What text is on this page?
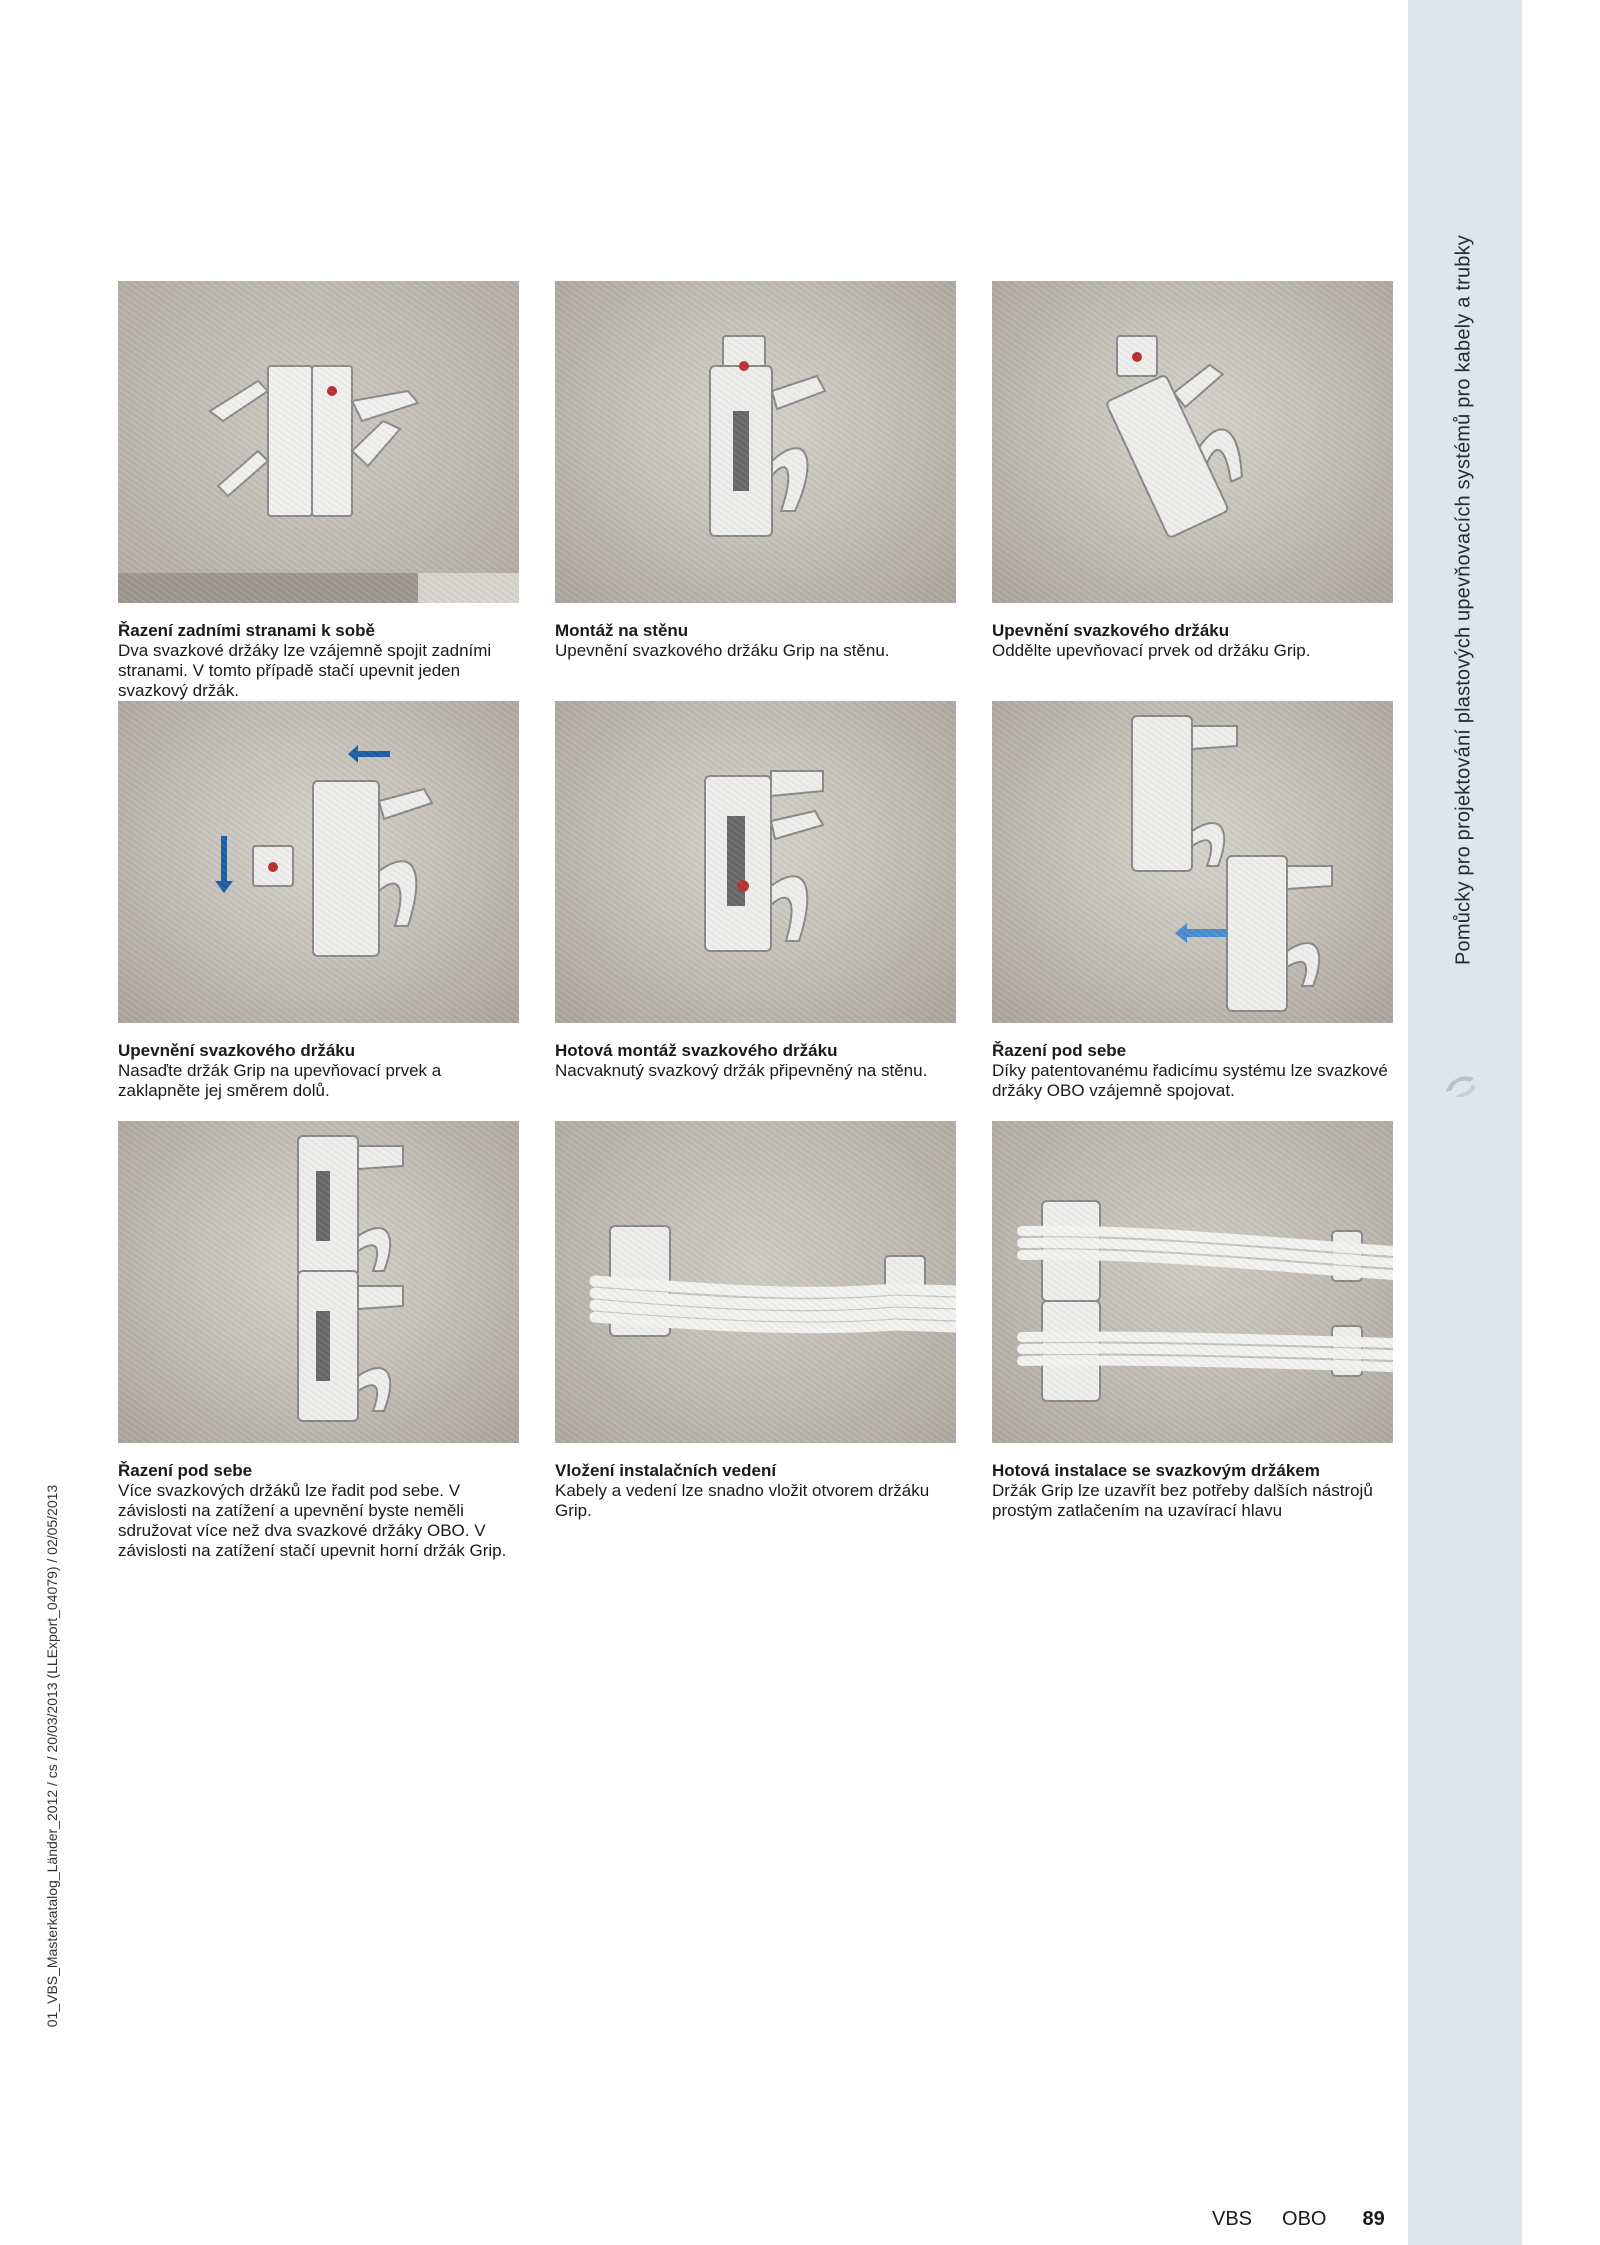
Pomůcky pro projektování plastových upevňovacích systémů pro kabely a trubky
01_VBS_Masterkatalog_Länder_2012 / cs / 20/03/2013 (LLExport_04079) / 02/05/2013

Řazení zadními stranami k sobě

Dva svazkové držáky lze vzájemně spojit zadními stranami. V tomto případě stačí upevnit jeden svazkový držák.

Montáž na stěnu

Upevnění svazkového držáku Grip na stěnu.

Upevnění svazkového držáku

Oddělte upevňovací prvek od držáku Grip.

Upevnění svazkového držáku

Nasaďte držák Grip na upevňovací prvek a zaklapněte jej směrem dolů.

Hotová montáž svazkového držáku

Nacvaknutý svazkový držák připevněný na stěnu.

Řazení pod sebe

Díky patentovanému řadicímu systému lze svazkové držáky OBO vzájemně spojovat.

Řazení pod sebe

Více svazkových držáků lze řadit pod sebe. V závislosti na zatížení a upevnění byste neměli sdružovat více než dva svazkové držáky OBO. V závislosti na zatížení stačí upevnit horní držák Grip.

Vložení instalačních vedení

Kabely a vedení lze snadno vložit otvorem držáku Grip.

Hotová instalace se svazkovým držákem

Držák Grip lze uzavřít bez potřeby dalších nástrojů prostým zatlačením na uzavírací hlavu

VBS OBO 89
